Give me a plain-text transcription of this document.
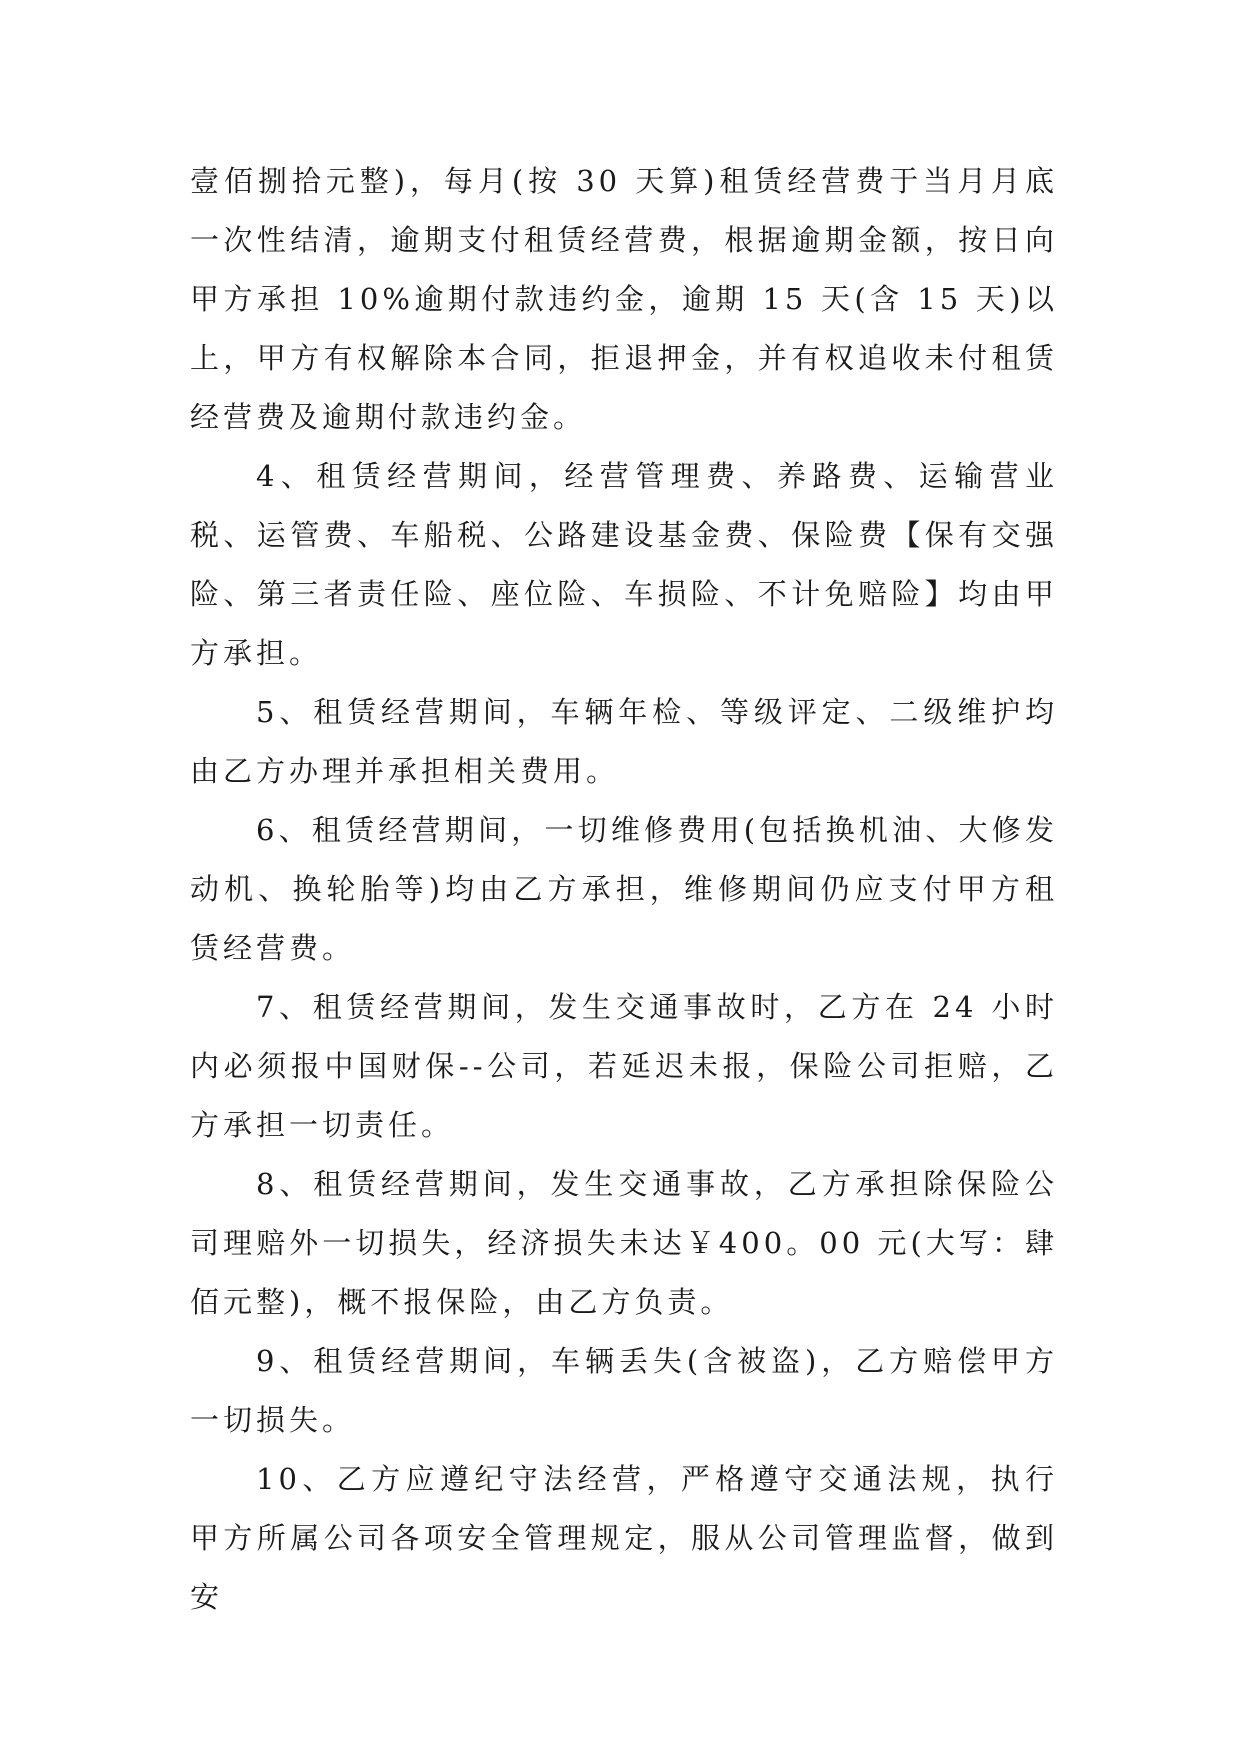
壹佰捌拾元整)，每月(按 30 天算)租赁经营费于当月月底一次性结清，逾期支付租赁经营费，根据逾期金额，按日向甲方承担 10%逾期付款违约金，逾期 15 天(含 15 天)以上，甲方有权解除本合同，拒退押金，并有权追收未付租赁经营费及逾期付款违约金。

4、租赁经营期间，经营管理费、养路费、运输营业税、运管费、车船税、公路建设基金费、保险费【保有交强险、第三者责任险、座位险、车损险、不计免赔险】均由甲方承担。

5、租赁经营期间，车辆年检、等级评定、二级维护均由乙方办理并承担相关费用。

6、租赁经营期间，一切维修费用(包括换机油、大修发动机、换轮胎等)均由乙方承担，维修期间仍应支付甲方租赁经营费。

7、租赁经营期间，发生交通事故时，乙方在 24 小时内必须报中国财保--公司，若延迟未报，保险公司拒赔，乙方承担一切责任。

8、租赁经营期间，发生交通事故，乙方承担除保险公司理赔外一切损失，经济损失未达￥400。00 元(大写：肆佰元整)，概不报保险，由乙方负责。

9、租赁经营期间，车辆丢失(含被盗)，乙方赔偿甲方一切损失。

10、乙方应遵纪守法经营，严格遵守交通法规，执行甲方所属公司各项安全管理规定，服从公司管理监督，做到安
